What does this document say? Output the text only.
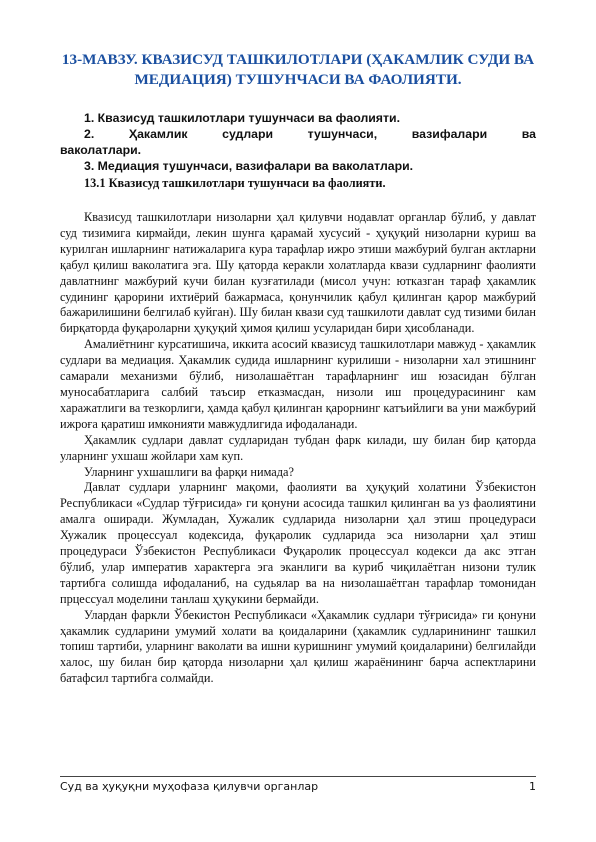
13-МАВЗУ. КВАЗИСУД ТАШКИЛОТЛАРИ (ҲАКАМЛИК СУДИ ВА МЕДИАЦИЯ) ТУШУНЧАСИ ВА ФАОЛИЯТИ.

1. Квазисуд ташкилотлари тушунчаси ва фаолияти.

2. Ҳакамлик судлари тушунчаси, вазифалари ва

ваколатлари.

3. Медиация тушунчаси, вазифалари ва ваколатлари.

13.1 Квазисуд ташкилотлари тушунчаси ва фаолияти.

Квазисуд ташкилотлари низоларни ҳал қилувчи нодавлат органлар бўлиб, у давлат суд тизимига кирмайди, лекин шунга қарамай хусусий - ҳуқуқий низоларни куриш ва курилган ишларнинг натижаларига кура тарафлар ижро этиши мажбурий булган актларни қабул қилиш ваколатига эга. Шу қаторда керакли холатларда квази судларнинг фаолияти давлатнинг мажбурий кучи билан кузғатилади (мисол учун: ютказган тараф ҳакамлик судининг қарорини ихтиёрий бажармаса, қонунчилик қабул қилинган қарор мажбурий бажарилишини белгилаб куйган). Шу билан квази суд ташкилоти давлат суд тизими билан бирқаторда фуқароларни ҳуқуқий ҳимоя қилиш усуларидан бири ҳисобланади.

Амалиётнинг курсатишича, иккита асосий квазисуд ташкилотлари мавжуд - ҳакамлик судлари ва медиация. Ҳакамлик судида ишларнинг курилиши - низоларни хал этишнинг самарали механизми бўлиб, низолашаётган тарафларнинг иш юзасидан бўлган муносабатларига салбий таъсир етказмасдан, низоли иш процедурасининг кам харажатлиги ва тезкорлиги, ҳамда қабул қилинган қарорнинг катъийлиги ва уни мажбурий ижроға қаратиш имконияти мавжудлигида ифодаланади.

Ҳакамлик судлари давлат судларидан тубдан фарк килади, шу билан бир қаторда уларнинг ухшаш жойлари хам куп.

Уларнинг ухшашлиги ва фарқи нимада?

Давлат судлари уларнинг мақоми, фаолияти ва ҳуқуқий холатини Ўзбекистон Республикаси «Судлар тўғрисида» ги қонуни асосида ташкил қилинган ва уз фаолиятини амалга оширади. Жумладан, Хужалик судларида низоларни ҳал этиш процедураси Хужалик процессуал кодексида, фуқаролик судларида эса низоларни ҳал этиш процедураси Ўзбекистон Республикаси Фуқаролик процессуал кодекси да акс этган бўлиб, улар императив характерга эга эканлиги ва куриб чиқилаётган низони тулик тартибга солишда ифодаланиб, на судьялар ва на низолашаётган тарафлар томонидан прцессуал моделини танлаш ҳуқукини бермайди.

Улардан фаркли Ўбекистон Республикаси «Ҳакамлик судлари тўғрисида» ги қонуни ҳакамлик судларини умумий холати ва қоидаларини (ҳакамлик судларинининг ташкил топиш тартиби, уларнинг ваколати ва ишни куришнинг умумий қоидаларини) белгилайди халос, шу билан бир қаторда низоларни ҳал қилиш жараёнининг барча аспектларини батафсил тартибга солмайди.

Суд ва ҳуқуқни муҳофаза қилувчи органлар	1
